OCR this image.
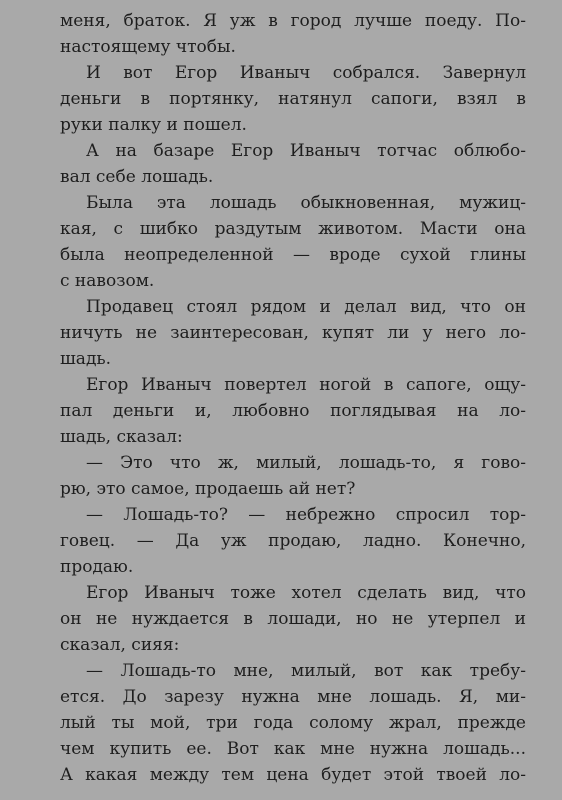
меня, браток. Я уж в город лучше поеду. По-
настоящему чтобы.
И вот Егор Иваныч собрался. Завернул
деньги в портянку, натянул сапоги, взял в
руки палку и пошел.
А на базаре Егор Иваныч тотчас облюбо-
вал себе лошадь.
Была эта лошадь обыкновенная, мужиц-
кая, с шибко раздутым животом. Масти она
была неопределенной — вроде сухой глины
с навозом.
Продавец стоял рядом и делал вид, что он
ничуть не заинтересован, купят ли у него ло-
шадь.
Егор Иваныч повертел ногой в сапоге, ощу-
пал деньги и, любовно поглядывая на ло-
шадь, сказал:
— Это что ж, милый, лошадь-то, я гово-
рю, это самое, продаешь ай нет?
— Лошадь-то? — небрежно спросил тор-
говец. — Да уж продаю, ладно. Конечно,
продаю.
Егор Иваныч тоже хотел сделать вид, что
он не нуждается в лошади, но не утерпел и
сказал, сияя:
— Лошадь-то мне, милый, вот как требу-
ется. До зарезу нужна мне лошадь. Я, ми-
лый ты мой, три года солому жрал, прежде
чем купить ее. Вот как мне нужна лошадь...
А какая между тем цена будет этой твоей ло-
